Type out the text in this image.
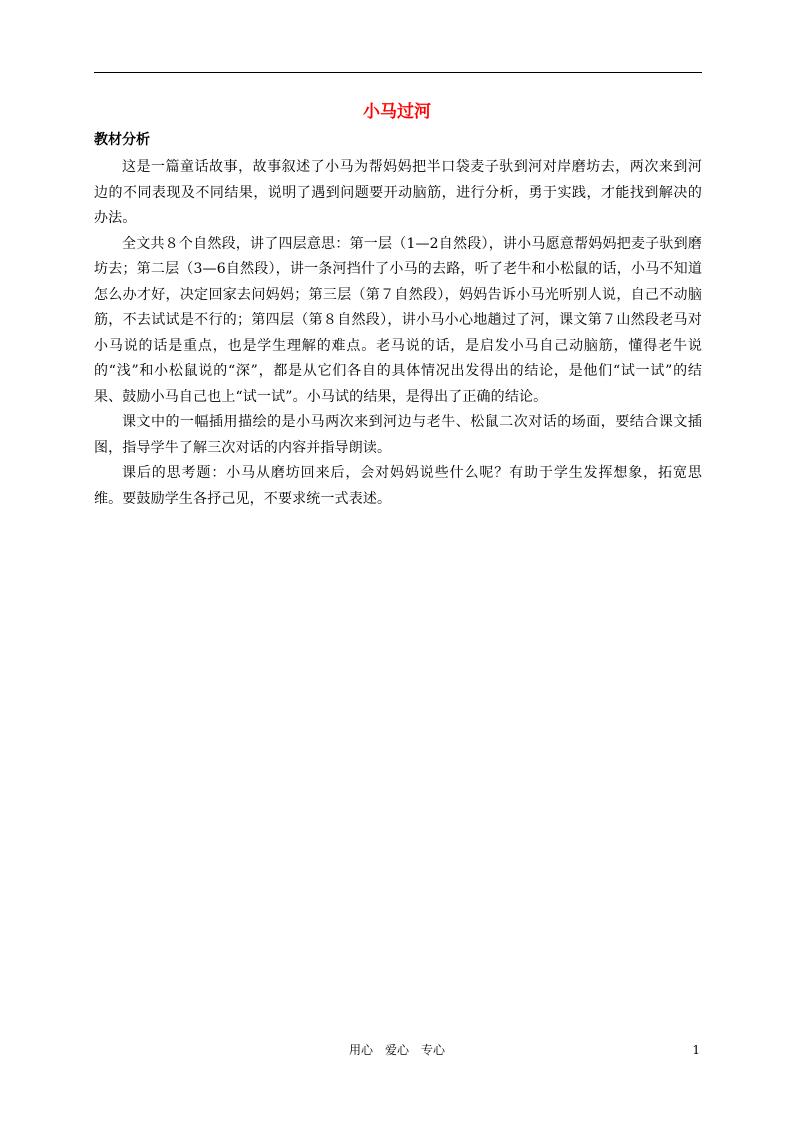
小马过河
教材分析

这是一篇童话故事，故事叙述了小马为帮妈妈把半口袋麦子驮到河对岸磨坊去，两次来到河边的不同表现及不同结果，说明了遇到问题要开动脑筋，进行分析，勇于实践，才能找到解决的办法。

全文共８个自然段，讲了四层意思：第一层（1—2自然段），讲小马愿意帮妈妈把麦子驮到磨坊去；第二层（3—6自然段），讲一条河挡什了小马的去路，听了老牛和小松鼠的话，小马不知道怎么办才好，决定回家去问妈妈；第三层（第７自然段），妈妈告诉小马光听别人说，自己不动脑筋，不去试试是不行的；第四层（第８自然段），讲小马小心地趟过了河，课文第７山然段老马对小马说的话是重点，也是学生理解的难点。老马说的话，是启发小马自己动脑筋，懂得老牛说的“浅”和小松鼠说的“深”，都是从它们各自的具体情况出发得出的结论，是他们“试一试”的结果、鼓励小马自己也上“试一试”。小马试的结果，是得出了正确的结论。

课文中的一幅插用描绘的是小马两次来到河边与老牛、松鼠二次对话的场面，要结合课文插图，指导学牛了解三次对话的内容并指导朗读。

课后的思考题：小马从磨坊回来后，会对妈妈说些什么呢？有助于学生发挥想象，拓宽思维。要鼓励学生各抒己见，不要求统一式表述。

用心　爱心　专心	1
